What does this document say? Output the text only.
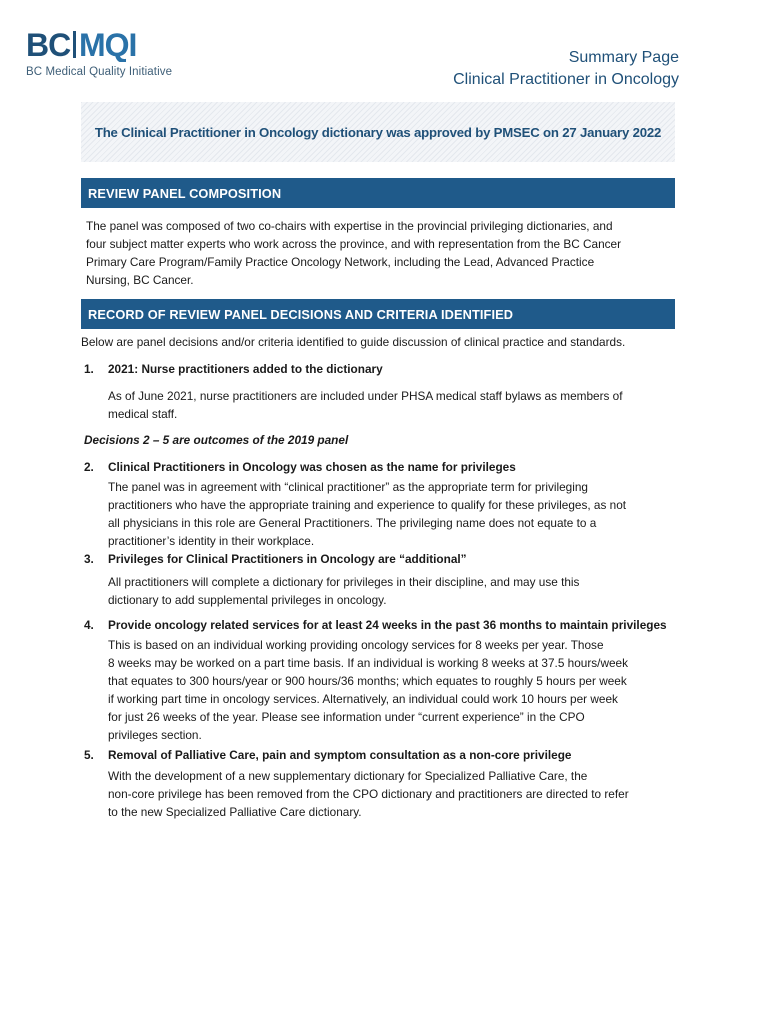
BC MQI
BC Medical Quality Initiative
Summary Page
Clinical Practitioner in Oncology
The Clinical Practitioner in Oncology dictionary was approved by PMSEC on 27 January 2022
REVIEW PANEL COMPOSITION
The panel was composed of two co-chairs with expertise in the provincial privileging dictionaries, and
four subject matter experts who work across the province, and with representation from the BC Cancer
Primary Care Program/Family Practice Oncology Network, including the Lead, Advanced Practice
Nursing, BC Cancer.
RECORD OF REVIEW PANEL DECISIONS AND CRITERIA IDENTIFIED
Below are panel decisions and/or criteria identified to guide discussion of clinical practice and standards.
1. 2021: Nurse practitioners added to the dictionary
As of June 2021, nurse practitioners are included under PHSA medical staff bylaws as members of
medical staff.
Decisions 2 – 5 are outcomes of the 2019 panel
2. Clinical Practitioners in Oncology was chosen as the name for privileges
The panel was in agreement with “clinical practitioner” as the appropriate term for privileging
practitioners who have the appropriate training and experience to qualify for these privileges, as not
all physicians in this role are General Practitioners. The privileging name does not equate to a
practitioner’s identity in their workplace.
3. Privileges for Clinical Practitioners in Oncology are “additional”
All practitioners will complete a dictionary for privileges in their discipline, and may use this
dictionary to add supplemental privileges in oncology.
4. Provide oncology related services for at least 24 weeks in the past 36 months to maintain privileges
This is based on an individual working providing oncology services for 8 weeks per year. Those
8 weeks may be worked on a part time basis. If an individual is working 8 weeks at 37.5 hours/week
that equates to 300 hours/year or 900 hours/36 months; which equates to roughly 5 hours per week
if working part time in oncology services. Alternatively, an individual could work 10 hours per week
for just 26 weeks of the year. Please see information under “current experience” in the CPO
privileges section.
5. Removal of Palliative Care, pain and symptom consultation as a non-core privilege
With the development of a new supplementary dictionary for Specialized Palliative Care, the
non-core privilege has been removed from the CPO dictionary and practitioners are directed to refer
to the new Specialized Palliative Care dictionary.
